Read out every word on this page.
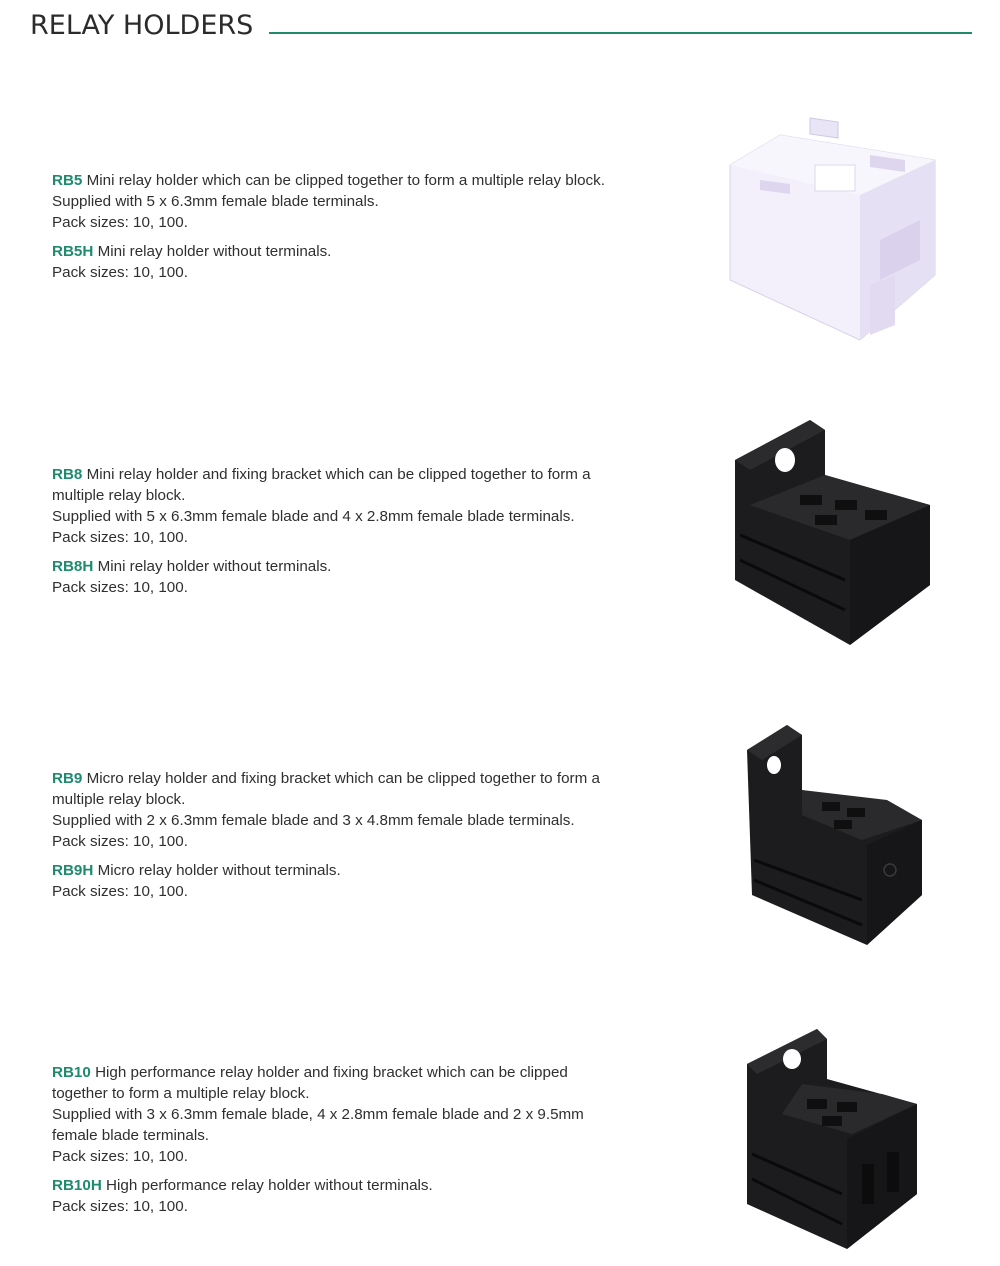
RELAY HOLDERS
RB5 Mini relay holder which can be clipped together to form a multiple relay block.
Supplied with 5 x 6.3mm female blade terminals.
Pack sizes: 10, 100.
RB5H Mini relay holder without terminals.
Pack sizes: 10, 100.
RB8 Mini relay holder and fixing bracket which can be clipped together to form a
multiple relay block.
Supplied with 5 x 6.3mm female blade and 4 x 2.8mm female blade terminals.
Pack sizes: 10, 100.
RB8H Mini relay holder without terminals.
Pack sizes: 10, 100.
RB9 Micro relay holder and fixing bracket which can be clipped together to form a
multiple relay block.
Supplied with 2 x 6.3mm female blade and 3 x 4.8mm female blade terminals.
Pack sizes: 10, 100.
RB9H Micro relay holder without terminals.
Pack sizes: 10, 100.
RB10 High performance relay holder and fixing bracket which can be clipped
together to form a multiple relay block.
Supplied with 3 x 6.3mm female blade, 4 x 2.8mm female blade and 2 x 9.5mm
female blade terminals.
Pack sizes: 10, 100.
RB10H High performance relay holder without terminals.
Pack sizes: 10, 100.
